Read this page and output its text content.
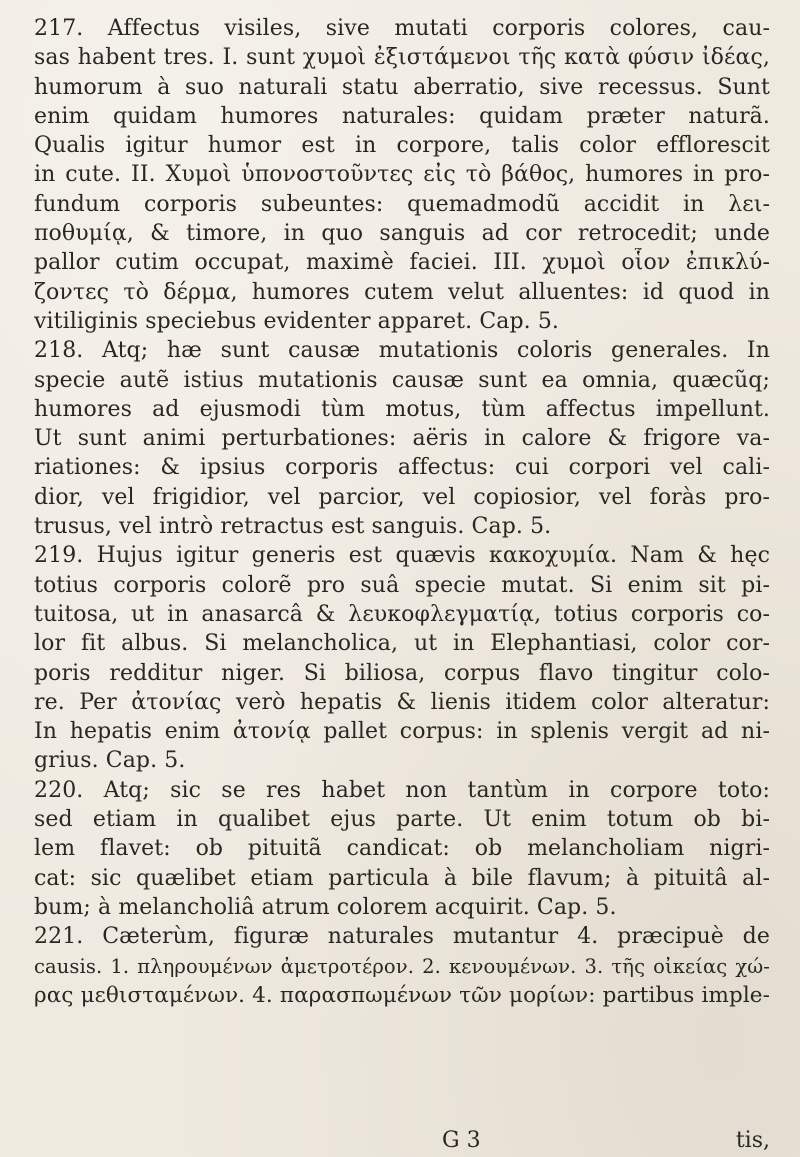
217. Affectus visiles, sive mutati corporis colores, cau-
sas habent tres. I. sunt χυμοὶ ἐξιστάμενοι τῆς κατὰ φύσιν ἰδέας,
humorum à suo naturali statu aberratio, sive recessus. Sunt
enim quidam humores naturales: quidam præter naturã.
Qualis igitur humor est in corpore, talis color efflorescit
in cute. II. Χυμοὶ ὑπονοστοῦντες εἰς τὸ βάθος, humores in pro-
fundum corporis subeuntes: quemadmodũ accidit in λει-
ποθυμίᾳ, & timore, in quo sanguis ad cor retrocedit; unde
pallor cutim occupat, maximè faciei. III. χυμοὶ οἷον ἐπικλύ-
ζοντες τὸ δέρμα, humores cutem velut alluentes: id quod in
vitiliginis speciebus evidenter apparet. Cap. 5.
218. Atq; hæ sunt causæ mutationis coloris generales. In
specie autẽ istius mutationis causæ sunt ea omnia, quæcũq;
humores ad ejusmodi tùm motus, tùm affectus impellunt.
Ut sunt animi perturbationes: aëris in calore & frigore va-
riationes: & ipsius corporis affectus: cui corpori vel cali-
dior, vel frigidior, vel parcior, vel copiosior, vel foràs pro-
trusus, vel intrò retractus est sanguis. Cap. 5.
219. Hujus igitur generis est quævis κακοχυμία. Nam & hęc
totius corporis colorẽ pro suâ specie mutat. Si enim sit pi-
tuitosa, ut in anasarcâ & λευκοφλεγματίᾳ, totius corporis co-
lor fit albus. Si melancholica, ut in Elephantiasi, color cor-
poris redditur niger. Si biliosa, corpus flavo tingitur colo-
re. Per ἀτονίας verò hepatis & lienis itidem color alteratur:
In hepatis enim ἀτονίᾳ pallet corpus: in splenis vergit ad ni-
grius. Cap. 5.
220. Atq; sic se res habet non tantùm in corpore toto:
sed etiam in qualibet ejus parte. Ut enim totum ob bi-
lem flavet: ob pituitã candicat: ob melancholiam nigri-
cat: sic quælibet etiam particula à bile flavum; à pituitâ al-
bum; à melancholiâ atrum colorem acquirit. Cap. 5.
221. Cæterùm, figuræ naturales mutantur 4. præcipuè de
causis. 1. πληρουμένων ἀμετροτέρον. 2. κενουμένων. 3. τῆς οἰκείας χώ-
ρας μεθισταμένων. 4. παρασπωμένων τῶν μορίων: partibus imple-
G 3	tis,
